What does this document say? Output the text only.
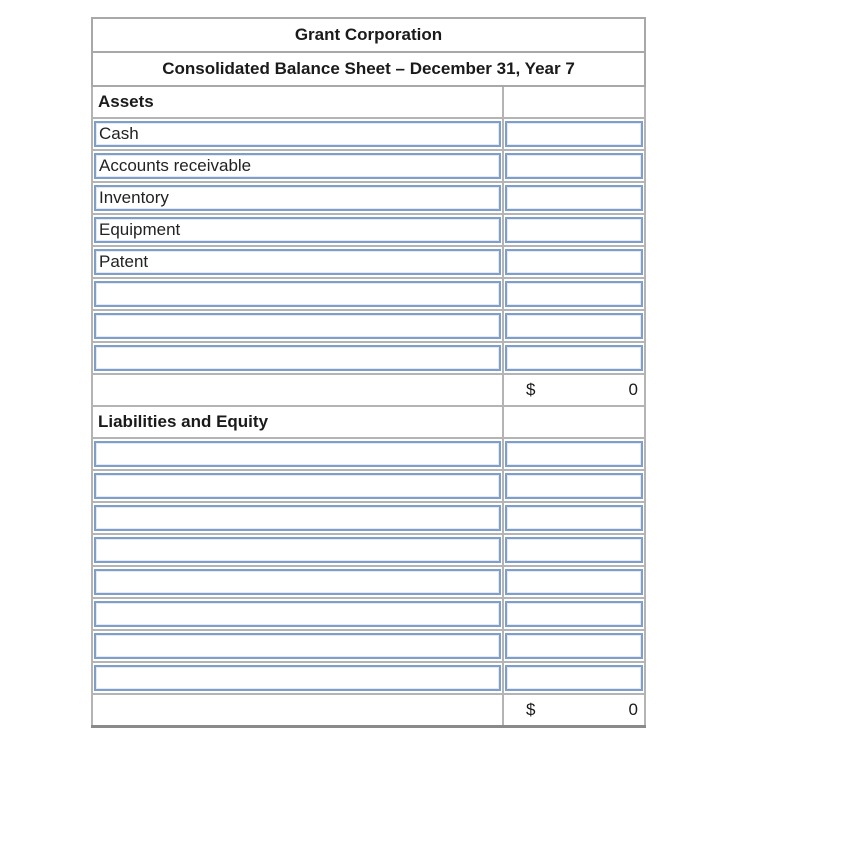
Grant Corporation	
Consolidated Balance Sheet – December 31, Year 7	
Assets	

Cash	

Accounts receivable	

Inventory	

Equipment	

Patent	

	$ 0

Liabilities and Equity	

	$ 0
